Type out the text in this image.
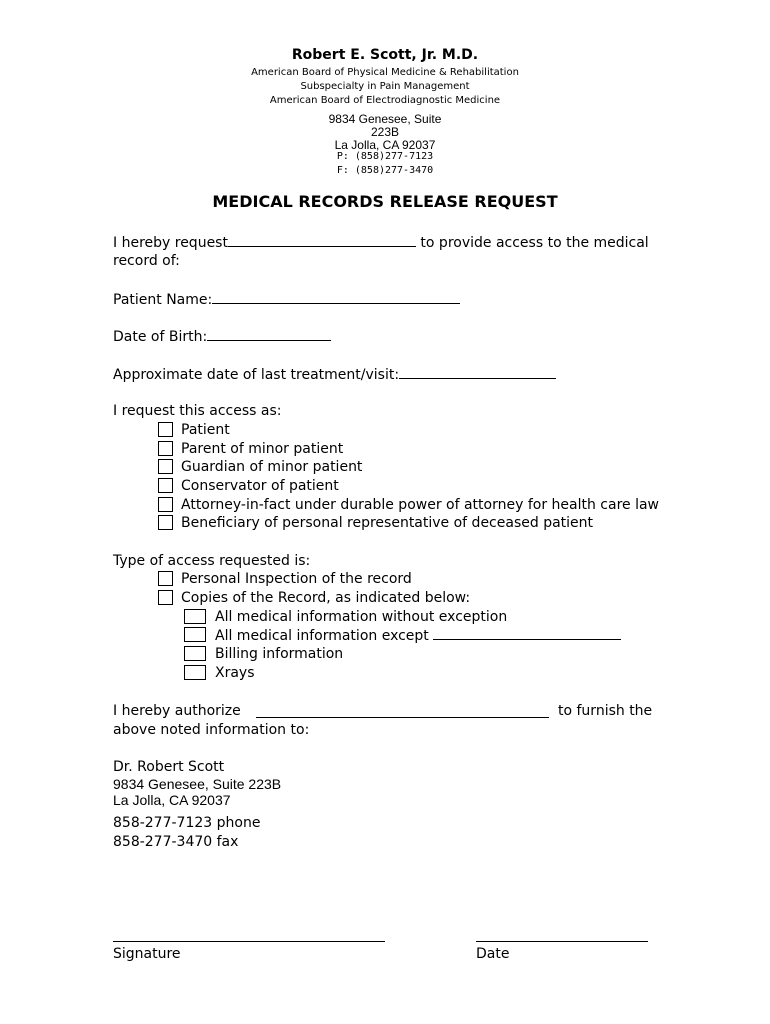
Robert E. Scott, Jr. M.D.
American Board of Physical Medicine & Rehabilitation
Subspecialty in Pain Management
American Board of Electrodiagnostic Medicine
9834 Genesee, Suite
223B
La Jolla, CA 92037
P: (858)277-7123
F: (858)277-3470
MEDICAL RECORDS RELEASE REQUEST
I hereby request	to provide access to the medical
record of:
Patient Name:
Date of Birth:
Approximate date of last treatment/visit:
I request this access as:
Patient
Parent of minor patient
Guardian of minor patient
Conservator of patient
Attorney-in-fact under durable power of attorney for health care law
Beneficiary of personal representative of deceased patient
Type of access requested is:
Personal Inspection of the record
Copies of the Record, as indicated below:
All medical information without exception
All medical information except
Billing information
Xrays
I hereby authorize	to furnish the
above noted information to:
Dr. Robert Scott
9834 Genesee, Suite 223B
La Jolla, CA 92037
858-277-7123 phone
858-277-3470 fax
Signature	Date
